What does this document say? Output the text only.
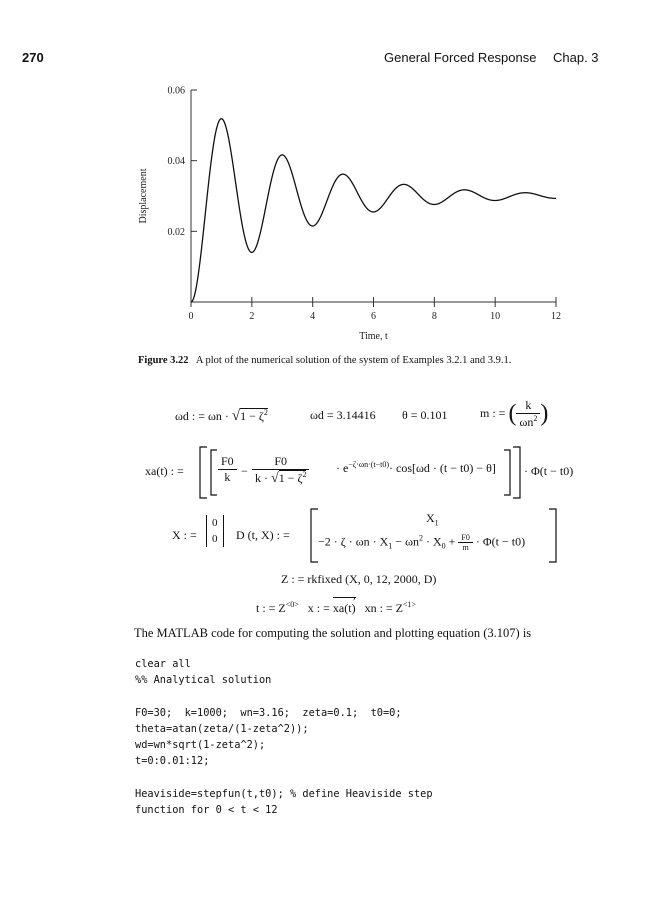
270	General Forced Response Chap. 3
0	2	4	6	8	10	12
0.02
0.04
0.06
Time, t
Displacement
Figure 3.22 A plot of the numerical solution of the system of Examples 3.2.1 and 3.9.1.
ωd : = $\omega n \cdot √1 - \zeta^2$	ωd = 3.14416 θ = 0.101	m : = ( $\frac{k}{\omega n^2}$ )
xa(t) : =	$\frac{F0}{k} - \frac{F0}{k \cdot √1 - \zeta^2} \cdot e^{-\zeta\cdot\omega n\cdot(t-t0)}\cdot \cos[\omega d \cdot (t - t0) - \theta] \cdot \Phi(t - t0)$
X : =
0
0 D (t, X) : =
$X_1$
$-2 \cdot \zeta \cdot \omega n \cdot X_1 - \omega n^2 \cdot X_0 + \frac{F0}{m} \cdot \Phi(t - t0)$
Z : = rkfixed (X, 0, 12, 2000, D)
t : = $Z^{<0>}$ x : =
›
xa(t) xn : = $Z^{<1>}$
The MATLAB code for computing the solution and plotting equation (3.107) is
clear all
%% Analytical solution
F0=30;  k=1000;  wn=3.16;  zeta=0.1;  t0=0;
theta=atan(zeta/(1-zeta^2));
wd=wn*sqrt(1-zeta^2);
t=0:0.01:12;
Heaviside=stepfun(t,t0); % define Heaviside step
function for 0 < t < 12
